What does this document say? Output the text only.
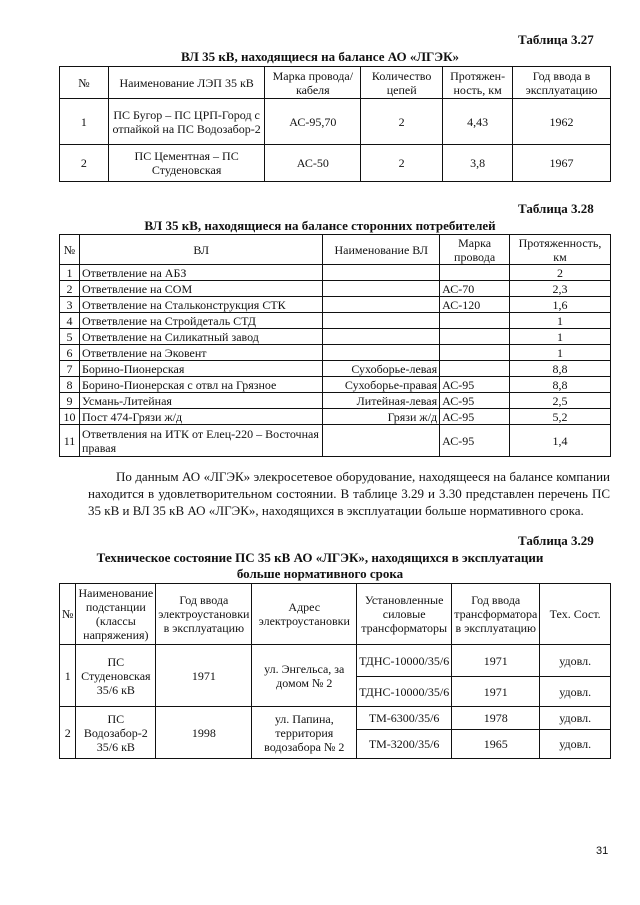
Таблица 3.27
ВЛ 35 кВ, находящиеся на балансе АО «ЛГЭК»
№	Наименование ЛЭП 35 кВ	Марка провода/кабеля	Количество цепей	Протяжен-ность, км	Год ввода в эксплуатацию
1	ПС Бугор – ПС ЦРП-Город с отпайкой на ПС Водозабор-2	АС-95,70	2	4,43	1962
2	ПС Цементная – ПС Студеновская	АС-50	2	3,8	1967
Таблица 3.28
ВЛ 35 кВ, находящиеся на балансе сторонних потребителей
№	ВЛ	Наименование ВЛ	Марка провода	Протяженность, км
1	Ответвление на АБЗ			2
2	Ответвление на СОМ		АС-70	2,3
3	Ответвление на Стальконструкция СТК		АС-120	1,6
4	Ответвление на Стройдеталь СТД			1
5	Ответвление на Силикатный завод			1
6	Ответвление на Эковент			1
7	Борино-Пионерская	Сухоборье-левая		8,8
8	Борино-Пионерская с отвл на Грязное	Сухоборье-правая	АС-95	8,8
9	Усмань-Литейная	Литейная-левая	АС-95	2,5
10	Пост 474-Грязи ж/д	Грязи ж/д	АС-95	5,2
11	Ответвления на ИТК от Елец-220 – Восточная правая		АС-95	1,4
По данным АО «ЛГЭК» элекросетевое оборудование, находящееся на балансе компании находится в удовлетворительном состоянии. В таблице 3.29 и 3.30 представлен перечень ПС 35 кВ и ВЛ 35 кВ АО «ЛГЭК», находящихся в эксплуатации больше нормативного срока.
Таблица 3.29
Техническое состояние ПС 35 кВ АО «ЛГЭК», находящихся в эксплуатации
больше нормативного срока
№	Наименование подстанции (классы напряжения)	Год ввода электроустановки в эксплуатацию	Адрес электроустановки	Установленные силовые трансформаторы	Год ввода трансформатора в эксплуатацию	Тех. Сост.
1	ПС Студеновская 35/6 кВ	1971	ул. Энгельса, за домом № 2	ТДНС-10000/35/6	1971	удовл.
				ТДНС-10000/35/6	1971	удовл.
2	ПС Водозабор-2 35/6 кВ	1998	ул. Папина, территория водозабора № 2	ТМ-6300/35/6	1978	удовл.
				ТМ-3200/35/6	1965	удовл.
31
